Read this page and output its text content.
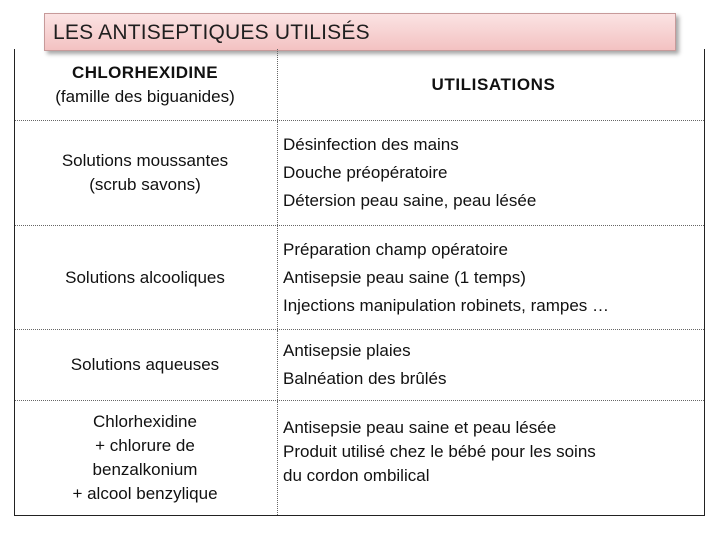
LES ANTISEPTIQUES UTILISÉS
CHLORHEXIDINE
(famille des biguanides)
UTILISATIONS
Solutions moussantes
(scrub savons)
Désinfection des mains
Douche préopératoire
Détersion peau saine, peau lésée
Solutions alcooliques
Préparation champ opératoire
Antisepsie peau saine (1 temps)
Injections manipulation robinets, rampes …
Solutions aqueuses
Antisepsie plaies
Balnéation des brûlés
Chlorhexidine
+ chlorure de
benzalkonium
+ alcool benzylique
Antisepsie peau saine et peau lésée
Produit utilisé chez le bébé pour les soins
du cordon ombilical
